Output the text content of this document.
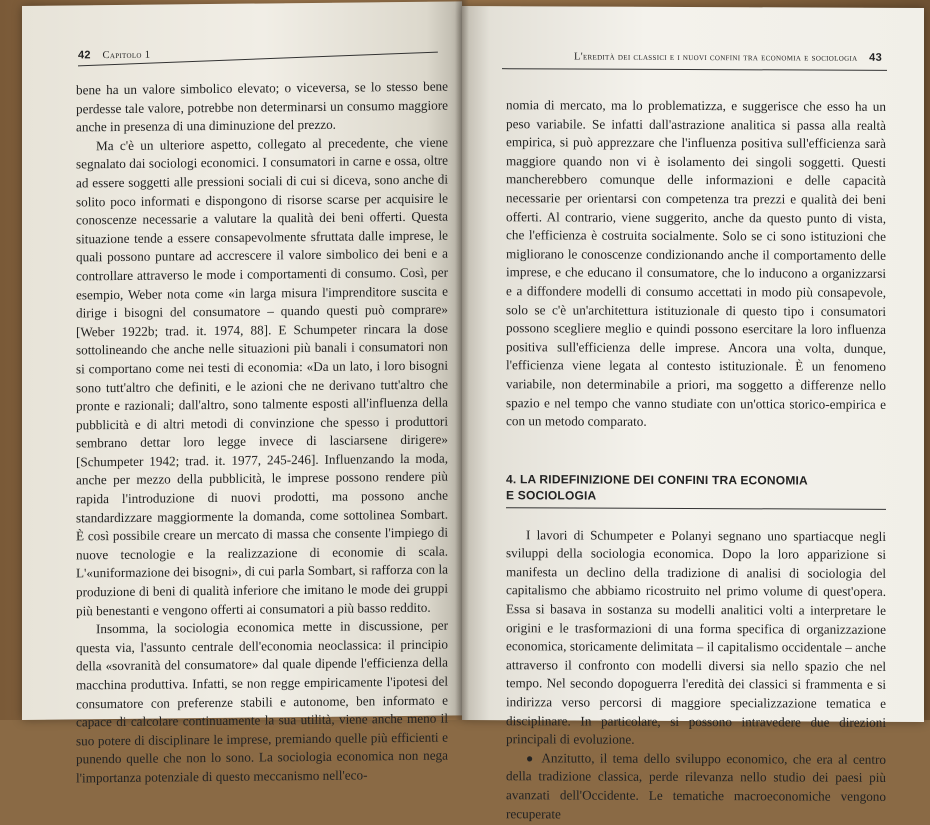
42 Capitolo 1

bene ha un valore simbolico elevato; o viceversa, se lo stesso bene perdesse tale valore, potrebbe non determinarsi un consumo maggiore anche in presenza di una diminuzione del prezzo.

Ma c'è un ulteriore aspetto, collegato al precedente, che viene segnalato dai sociologi economici. I consumatori in carne e ossa, oltre ad essere soggetti alle pressioni sociali di cui si diceva, sono anche di solito poco informati e dispongono di risorse scarse per acquisire le conoscenze necessarie a valutare la qualità dei beni offerti. Questa situazione tende a essere consapevolmente sfruttata dalle imprese, le quali possono puntare ad accrescere il valore simbolico dei beni e a controllare attraverso le mode i comportamenti di consumo. Così, per esempio, Weber nota come «in larga misura l'imprenditore suscita e dirige i bisogni del consumatore – quando questi può comprare» [Weber 1922b; trad. it. 1974, 88]. E Schumpeter rincara la dose sottolineando che anche nelle situazioni più banali i consumatori non si comportano come nei testi di economia: «Da un lato, i loro bisogni sono tutt'altro che definiti, e le azioni che ne derivano tutt'altro che pronte e razionali; dall'altro, sono talmente esposti all'influenza della pubblicità e di altri metodi di convinzione che spesso i produttori sembrano dettar loro legge invece di lasciarsene dirigere» [Schumpeter 1942; trad. it. 1977, 245-246]. Influenzando la moda, anche per mezzo della pubblicità, le imprese possono rendere più rapida l'introduzione di nuovi prodotti, ma possono anche standardizzare maggiormente la domanda, come sottolinea Sombart. È così possibile creare un mercato di massa che consente l'impiego di nuove tecnologie e la realizzazione di economie di scala. L'«uniformazione dei bisogni», di cui parla Sombart, si rafforza con la produzione di beni di qualità inferiore che imitano le mode dei gruppi più benestanti e vengono offerti ai consumatori a più basso reddito.

Insomma, la sociologia economica mette in discussione, per questa via, l'assunto centrale dell'economia neoclassica: il principio della «sovranità del consumatore» dal quale dipende l'efficienza della macchina produttiva. Infatti, se non regge empiricamente l'ipotesi del consumatore con preferenze stabili e autonome, ben informato e capace di calcolare continuamente la sua utilità, viene anche meno il suo potere di disciplinare le imprese, premiando quelle più efficienti e punendo quelle che non lo sono. La sociologia economica non nega l'importanza potenziale di questo meccanismo nell'eco-

L'eredità dei classici e i nuovi confini tra economia e sociologia 43

nomia di mercato, ma lo problematizza, e suggerisce che esso ha un peso variabile. Se infatti dall'astrazione analitica si passa alla realtà empirica, si può apprezzare che l'influenza positiva sull'efficienza sarà maggiore quando non vi è isolamento dei singoli soggetti. Questi mancherebbero comunque delle informazioni e delle capacità necessarie per orientarsi con competenza tra prezzi e qualità dei beni offerti. Al contrario, viene suggerito, anche da questo punto di vista, che l'efficienza è costruita socialmente. Solo se ci sono istituzioni che migliorano le conoscenze condizionando anche il comportamento delle imprese, e che educano il consumatore, che lo inducono a organizzarsi e a diffondere modelli di consumo accettati in modo più consapevole, solo se c'è un'architettura istituzionale di questo tipo i consumatori possono scegliere meglio e quindi possono esercitare la loro influenza positiva sull'efficienza delle imprese. Ancora una volta, dunque, l'efficienza viene legata al contesto istituzionale. È un fenomeno variabile, non determinabile a priori, ma soggetto a differenze nello spazio e nel tempo che vanno studiate con un'ottica storico-empirica e con un metodo comparato.

4. LA RIDEFINIZIONE DEI CONFINI TRA ECONOMIA
E SOCIOLOGIA

I lavori di Schumpeter e Polanyi segnano uno spartiacque negli sviluppi della sociologia economica. Dopo la loro apparizione si manifesta un declino della tradizione di analisi di sociologia del capitalismo che abbiamo ricostruito nel primo volume di quest'opera. Essa si basava in sostanza su modelli analitici volti a interpretare le origini e le trasformazioni di una forma specifica di organizzazione economica, storicamente delimitata – il capitalismo occidentale – anche attraverso il confronto con modelli diversi sia nello spazio che nel tempo. Nel secondo dopoguerra l'eredità dei classici si frammenta e si indirizza verso percorsi di maggiore specializzazione tematica e disciplinare. In particolare, si possono intravedere due direzioni principali di evoluzione.

● Anzitutto, il tema dello sviluppo economico, che era al centro della tradizione classica, perde rilevanza nello studio dei paesi più avanzati dell'Occidente. Le tematiche macroeconomiche vengono recuperate
